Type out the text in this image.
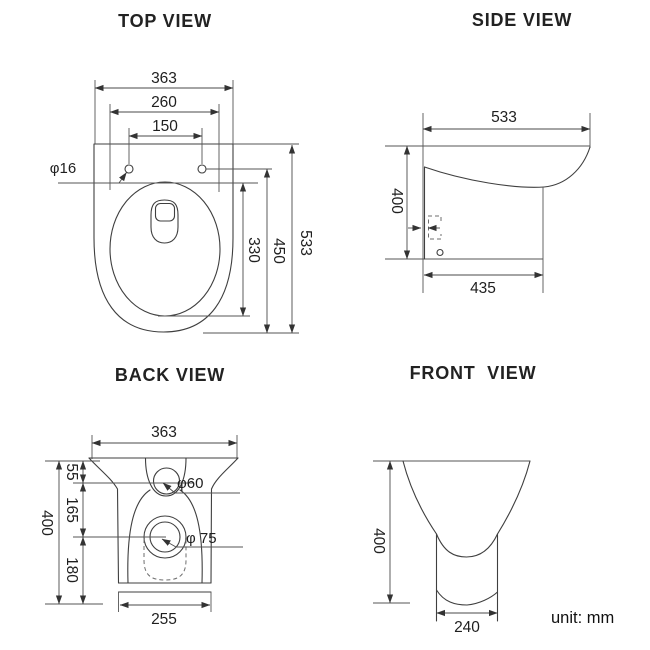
TOP VIEW
363
260
150
φ16
330 450 533
SIDE VIEW
533
400
435
BACK VIEW
363
55
165
180
400
φ60
φ 75
255
FRONT  VIEW
400
240
unit: mm
